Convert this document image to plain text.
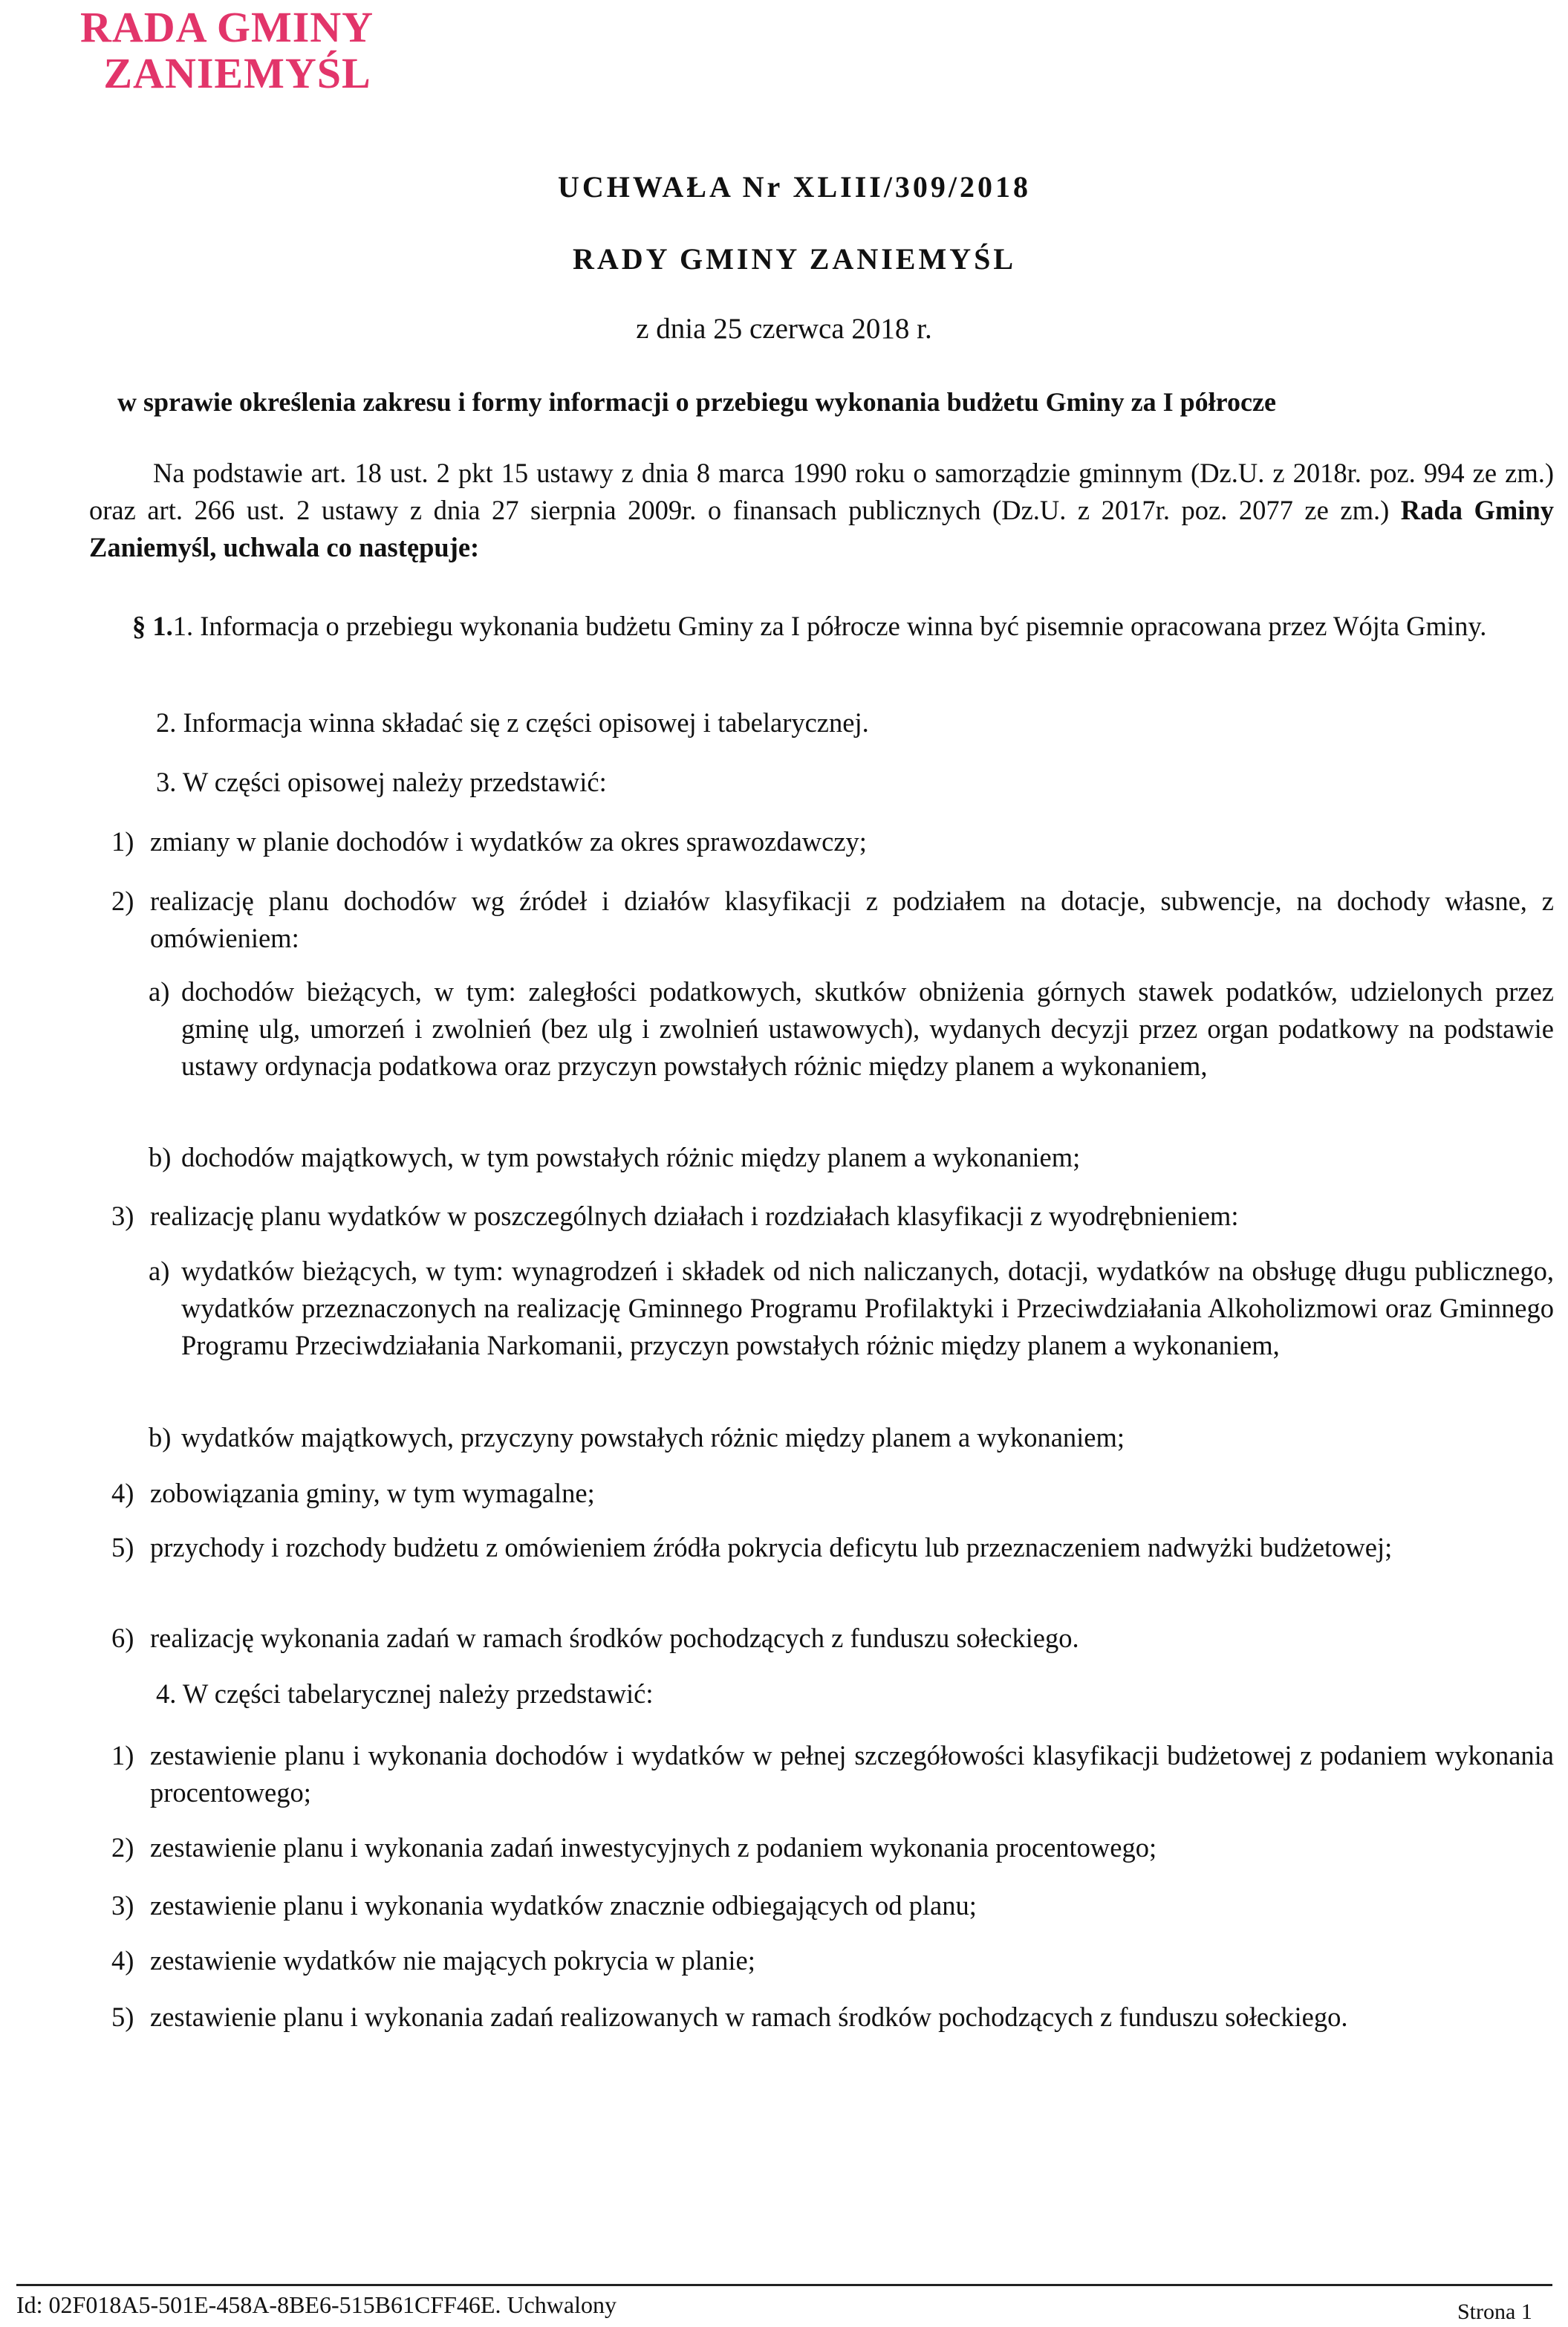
RADA GMINY
ZANIEMYŚL
UCHWAŁA Nr XLIII/309/2018
RADY GMINY ZANIEMYŚL
z dnia 25 czerwca 2018 r.
w sprawie określenia zakresu i formy informacji o przebiegu wykonania budżetu Gminy za I półrocze
Na podstawie art. 18 ust. 2 pkt 15 ustawy z dnia 8 marca 1990 roku o samorządzie gminnym (Dz.U. z 2018r. poz. 994 ze zm.) oraz art. 266 ust. 2 ustawy z dnia 27 sierpnia 2009r. o finansach publicznych (Dz.U. z 2017r. poz. 2077 ze zm.) Rada Gminy Zaniemyśl, uchwala co następuje:
§ 1.1. Informacja o przebiegu wykonania budżetu Gminy za I półrocze winna być pisemnie opracowana przez Wójta Gminy.
2. Informacja winna składać się z części opisowej i tabelarycznej.
3. W części opisowej należy przedstawić:
1) zmiany w planie dochodów i wydatków za okres sprawozdawczy;
2) realizację planu dochodów wg źródeł i działów klasyfikacji z podziałem na dotacje, subwencje, na dochody własne, z omówieniem:
a) dochodów bieżących, w tym: zaległości podatkowych, skutków obniżenia górnych stawek podatków, udzielonych przez gminę ulg, umorzeń i zwolnień (bez ulg i zwolnień ustawowych), wydanych decyzji przez organ podatkowy na podstawie ustawy ordynacja podatkowa oraz przyczyn powstałych różnic między planem a wykonaniem,
b) dochodów majątkowych, w tym powstałych różnic między planem a wykonaniem;
3) realizację planu wydatków w poszczególnych działach i rozdziałach klasyfikacji z wyodrębnieniem:
a) wydatków bieżących, w tym: wynagrodzeń i składek od nich naliczanych, dotacji, wydatków na obsługę długu publicznego, wydatków przeznaczonych na realizację Gminnego Programu Profilaktyki i Przeciwdziałania Alkoholizmowi oraz Gminnego Programu Przeciwdziałania Narkomanii, przyczyn powstałych różnic między planem a wykonaniem,
b) wydatków majątkowych, przyczyny powstałych różnic między planem a wykonaniem;
4) zobowiązania gminy, w tym wymagalne;
5) przychody i rozchody budżetu z omówieniem źródła pokrycia deficytu lub przeznaczeniem nadwyżki budżetowej;
6) realizację wykonania zadań w ramach środków pochodzących z funduszu sołeckiego.
4. W części tabelarycznej należy przedstawić:
1) zestawienie planu i wykonania dochodów i wydatków w pełnej szczegółowości klasyfikacji budżetowej z podaniem wykonania procentowego;
2) zestawienie planu i wykonania zadań inwestycyjnych z podaniem wykonania procentowego;
3) zestawienie planu i wykonania wydatków znacznie odbiegających od planu;
4) zestawienie wydatków nie mających pokrycia w planie;
5) zestawienie planu i wykonania zadań realizowanych w ramach środków pochodzących z funduszu sołeckiego.
Id: 02F018A5-501E-458A-8BE6-515B61CFF46E. Uchwalony	Strona 1
